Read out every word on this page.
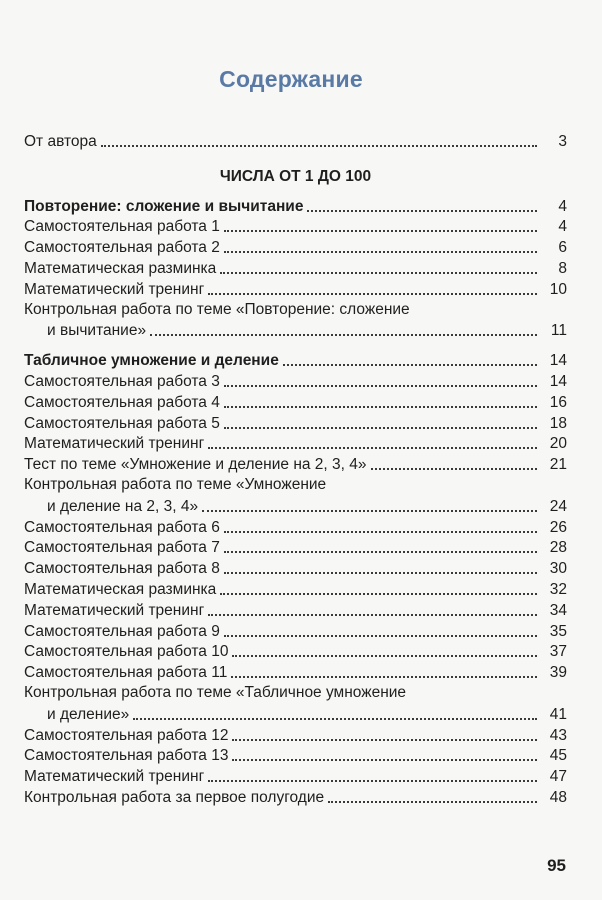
Содержание
От автора	3
ЧИСЛА ОТ 1 ДО 100
Повторение: сложение и вычитание	4
Самостоятельная работа 1	4
Самостоятельная работа 2	6
Математическая разминка	8
Математический тренинг	10
Контрольная работа по теме «Повторение: сложение
и вычитание»	11
Табличное умножение и деление	14
Самостоятельная работа 3	14
Самостоятельная работа 4	16
Самостоятельная работа 5	18
Математический тренинг	20
Тест по теме «Умножение и деление на 2, 3, 4»	21
Контрольная работа по теме «Умножение
и деление на 2, 3, 4»	24
Самостоятельная работа 6	26
Самостоятельная работа 7	28
Самостоятельная работа 8	30
Математическая разминка	32
Математический тренинг	34
Самостоятельная работа 9	35
Самостоятельная работа 10	37
Самостоятельная работа 11	39
Контрольная работа по теме «Табличное умножение
и деление»	41
Самостоятельная работа 12	43
Самостоятельная работа 13	45
Математический тренинг	47
Контрольная работа за первое полугодие	48
95
